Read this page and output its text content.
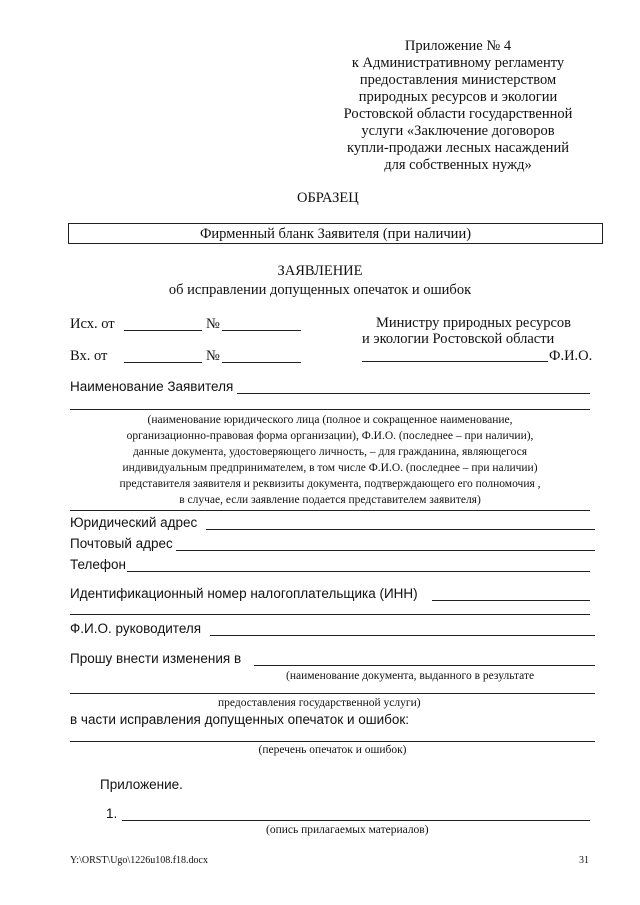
Приложение № 4
к Административному регламенту
предоставления министерством
природных ресурсов и экологии
Ростовской области государственной
услуги «Заключение договоров
купли-продажи лесных насаждений
для собственных нужд»
ОБРАЗЕЦ
Фирменный бланк Заявителя (при наличии)
ЗАЯВЛЕНИЕ
об исправлении допущенных опечаток и ошибок
Исх. от	№
Вх. от	№
Министру природных ресурсов
и экологии Ростовской области
Ф.И.О.
Наименование Заявителя
(наименование юридического лица (полное и сокращенное наименование,
организационно-правовая форма организации), Ф.И.О. (последнее – при наличии),
данные документа, удостоверяющего личность, – для гражданина, являющегося
индивидуальным предпринимателем, в том числе Ф.И.О. (последнее – при наличии)
представителя заявителя и реквизиты документа, подтверждающего его полномочия ,
в случае, если заявление подается представителем заявителя)
Юридический адрес
Почтовый адрес
Телефон
Идентификационный номер налогоплательщика (ИНН)
Ф.И.О. руководителя
Прошу внести изменения в
(наименование документа, выданного в результате
предоставления государственной услуги)
в части исправления допущенных опечаток и ошибок:
(перечень опечаток и ошибок)
Приложение.
1.
(опись прилагаемых материалов)
Y:\ORST\Ugo\1226u108.f18.docx	31
